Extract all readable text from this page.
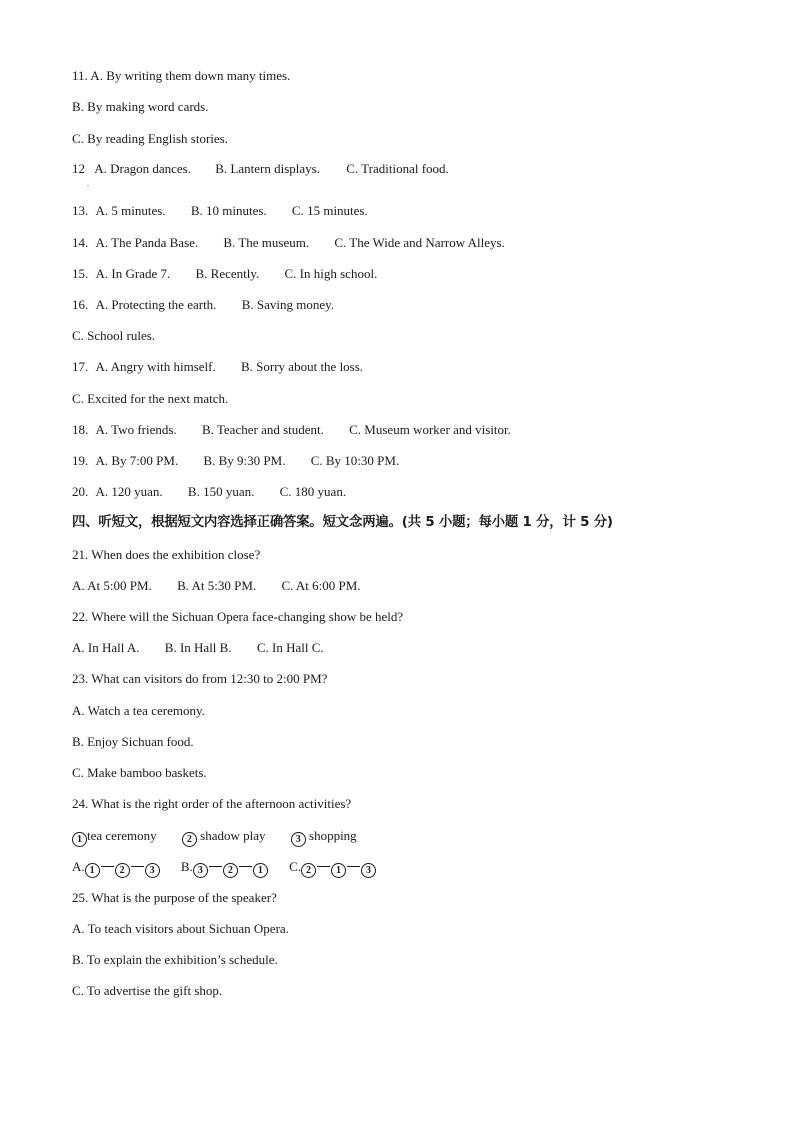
11. A. By writing them down many times.
B. By making word cards.
C. By reading English stories.
12 A. Dragon dances. B. Lantern displays. C. Traditional food.
.
13. A. 5 minutes. B. 10 minutes. C. 15 minutes.
14. A. The Panda Base. B. The museum. C. The Wide and Narrow Alleys.
15. A. In Grade 7. B. Recently. C. In high school.
16. A. Protecting the earth. B. Saving money.
C. School rules.
17. A. Angry with himself. B. Sorry about the loss.
C. Excited for the next match.
18. A. Two friends. B. Teacher and student. C. Museum worker and visitor.
19. A. By 7:00 PM. B. By 9:30 PM. C. By 10:30 PM.
20. A. 120 yuan. B. 150 yuan. C. 180 yuan.
四、听短文，根据短文内容选择正确答案。短文念两遍。(共 5 小题；每小题 1 分，计 5 分)
21. When does the exhibition close?
A. At 5:00 PM. B. At 5:30 PM. C. At 6:00 PM.
22. Where will the Sichuan Opera face-changing show be held?
A. In Hall A. B. In Hall B. C. In Hall C.
23. What can visitors do from 12:30 to 2:00 PM?
A. Watch a tea ceremony.
B. Enjoy Sichuan food.
C. Make bamboo baskets.
24. What is the right order of the afternoon activities?
1 tea ceremony	2 shadow play	3 shopping
A. 1	2	3 B. 3	2	1 C. 2	1	3
25. What is the purpose of the speaker?
A. To teach visitors about Sichuan Opera.
B. To explain the exhibition’s schedule.
C. To advertise the gift shop.
